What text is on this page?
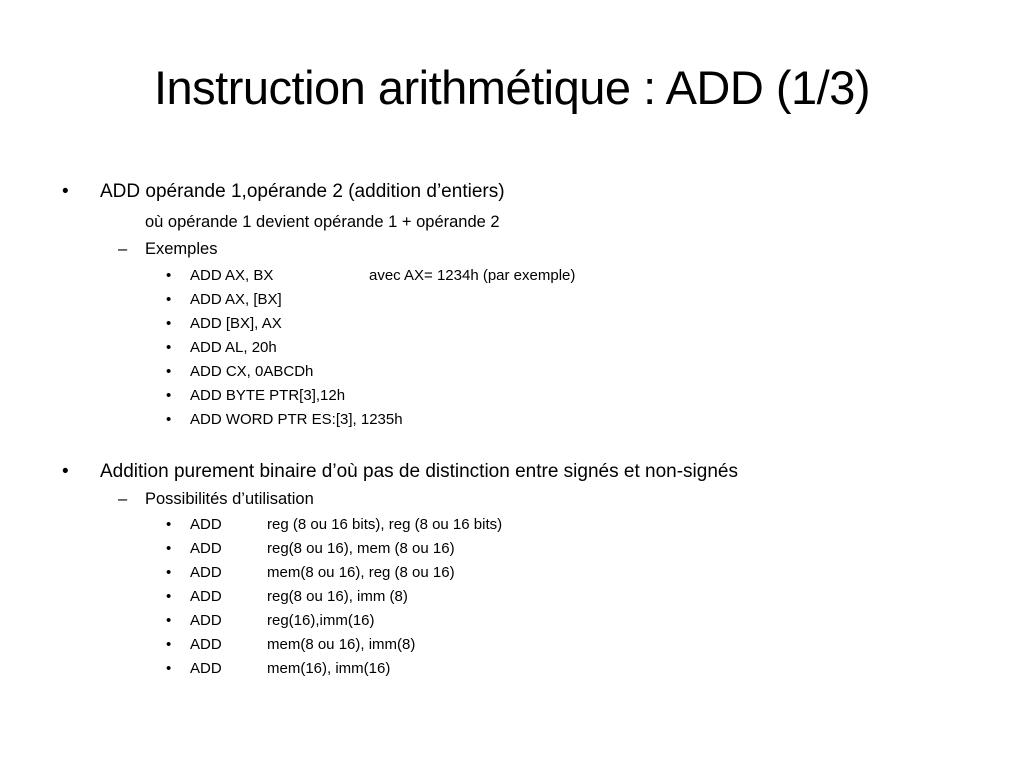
Instruction arithmétique : ADD (1/3)
• ADD opérande 1,opérande 2 (addition d’entiers)
où opérande 1 devient opérande 1 + opérande 2
– Exemples
• ADD AX, BX	avec AX= 1234h (par exemple)
• ADD AX, [BX]
• ADD [BX], AX
• ADD AL, 20h
• ADD CX, 0ABCDh
• ADD BYTE PTR[3],12h
• ADD WORD PTR ES:[3], 1235h
• Addition purement binaire d’où pas de distinction entre signés et non-signés
– Possibilités d’utilisation
• ADD	reg (8 ou 16 bits), reg (8 ou 16 bits)
• ADD	reg(8 ou 16), mem (8 ou 16)
• ADD	mem(8 ou 16), reg (8 ou 16)
• ADD	reg(8 ou 16), imm (8)
• ADD	reg(16),imm(16)
• ADD	mem(8 ou 16), imm(8)
• ADD	mem(16), imm(16)
